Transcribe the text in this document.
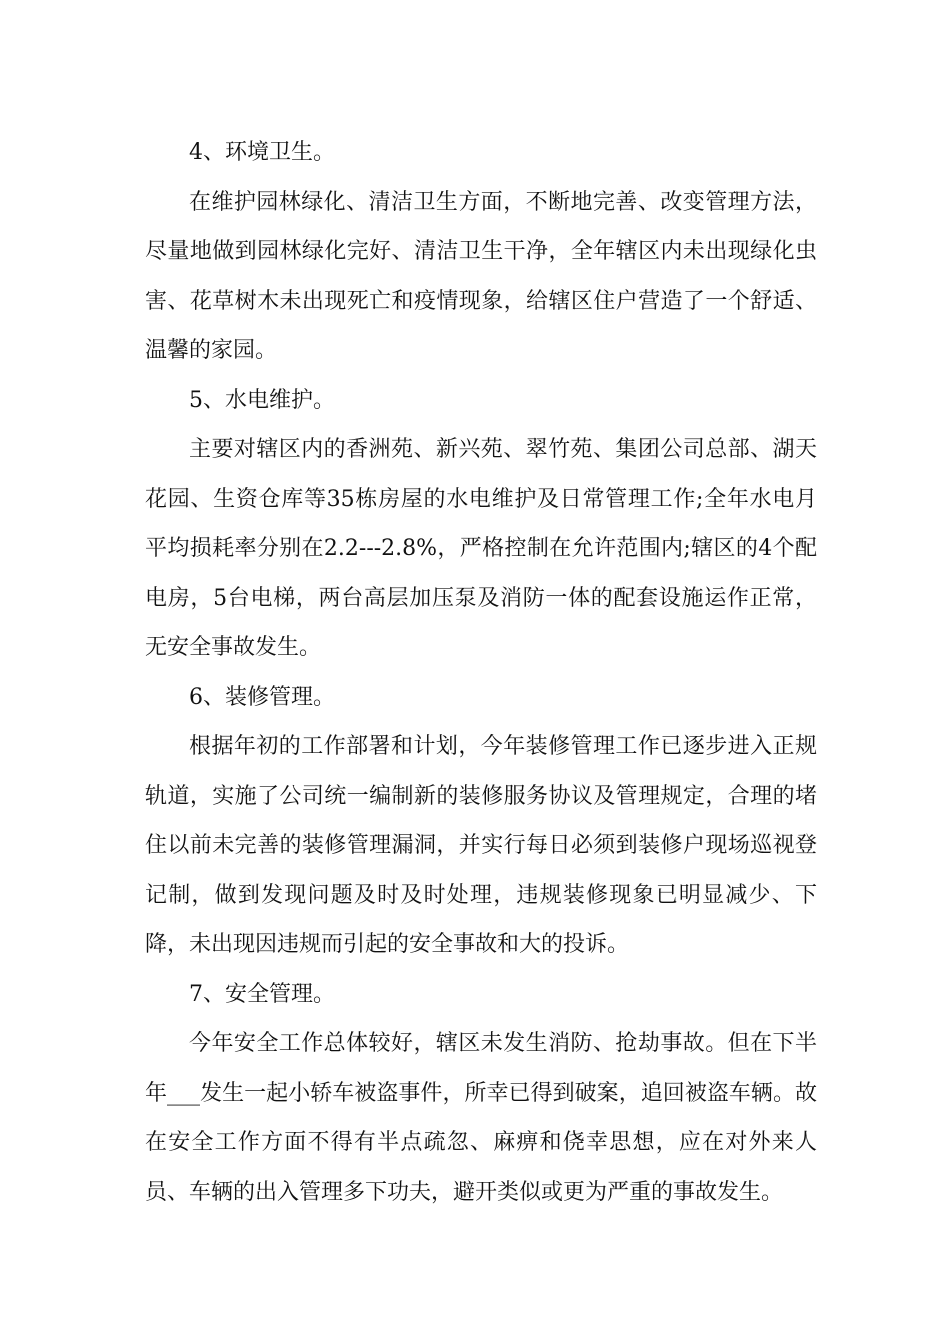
4、环境卫生。

在维护园林绿化、清洁卫生方面，不断地完善、改变管理方法，尽量地做到园林绿化完好、清洁卫生干净，全年辖区内未出现绿化虫害、花草树木未出现死亡和疫情现象，给辖区住户营造了一个舒适、温馨的家园。

5、水电维护。

主要对辖区内的香洲苑、新兴苑、翠竹苑、集团公司总部、湖天花园、生资仓库等35栋房屋的水电维护及日常管理工作;全年水电月平均损耗率分别在2.2---2.8%，严格控制在允许范围内;辖区的4个配电房，5台电梯，两台高层加压泵及消防一体的配套设施运作正常，无安全事故发生。

6、装修管理。

根据年初的工作部署和计划，今年装修管理工作已逐步进入正规轨道，实施了公司统一编制新的装修服务协议及管理规定，合理的堵住以前未完善的装修管理漏洞，并实行每日必须到装修户现场巡视登记制，做到发现问题及时及时处理，违规装修现象已明显减少、下降，未出现因违规而引起的安全事故和大的投诉。

7、安全管理。

今年安全工作总体较好，辖区未发生消防、抢劫事故。但在下半年___发生一起小轿车被盗事件，所幸已得到破案，追回被盗车辆。故在安全工作方面不得有半点疏忽、麻痹和侥幸思想，应在对外来人员、车辆的出入管理多下功夫，避开类似或更为严重的事故发生。
